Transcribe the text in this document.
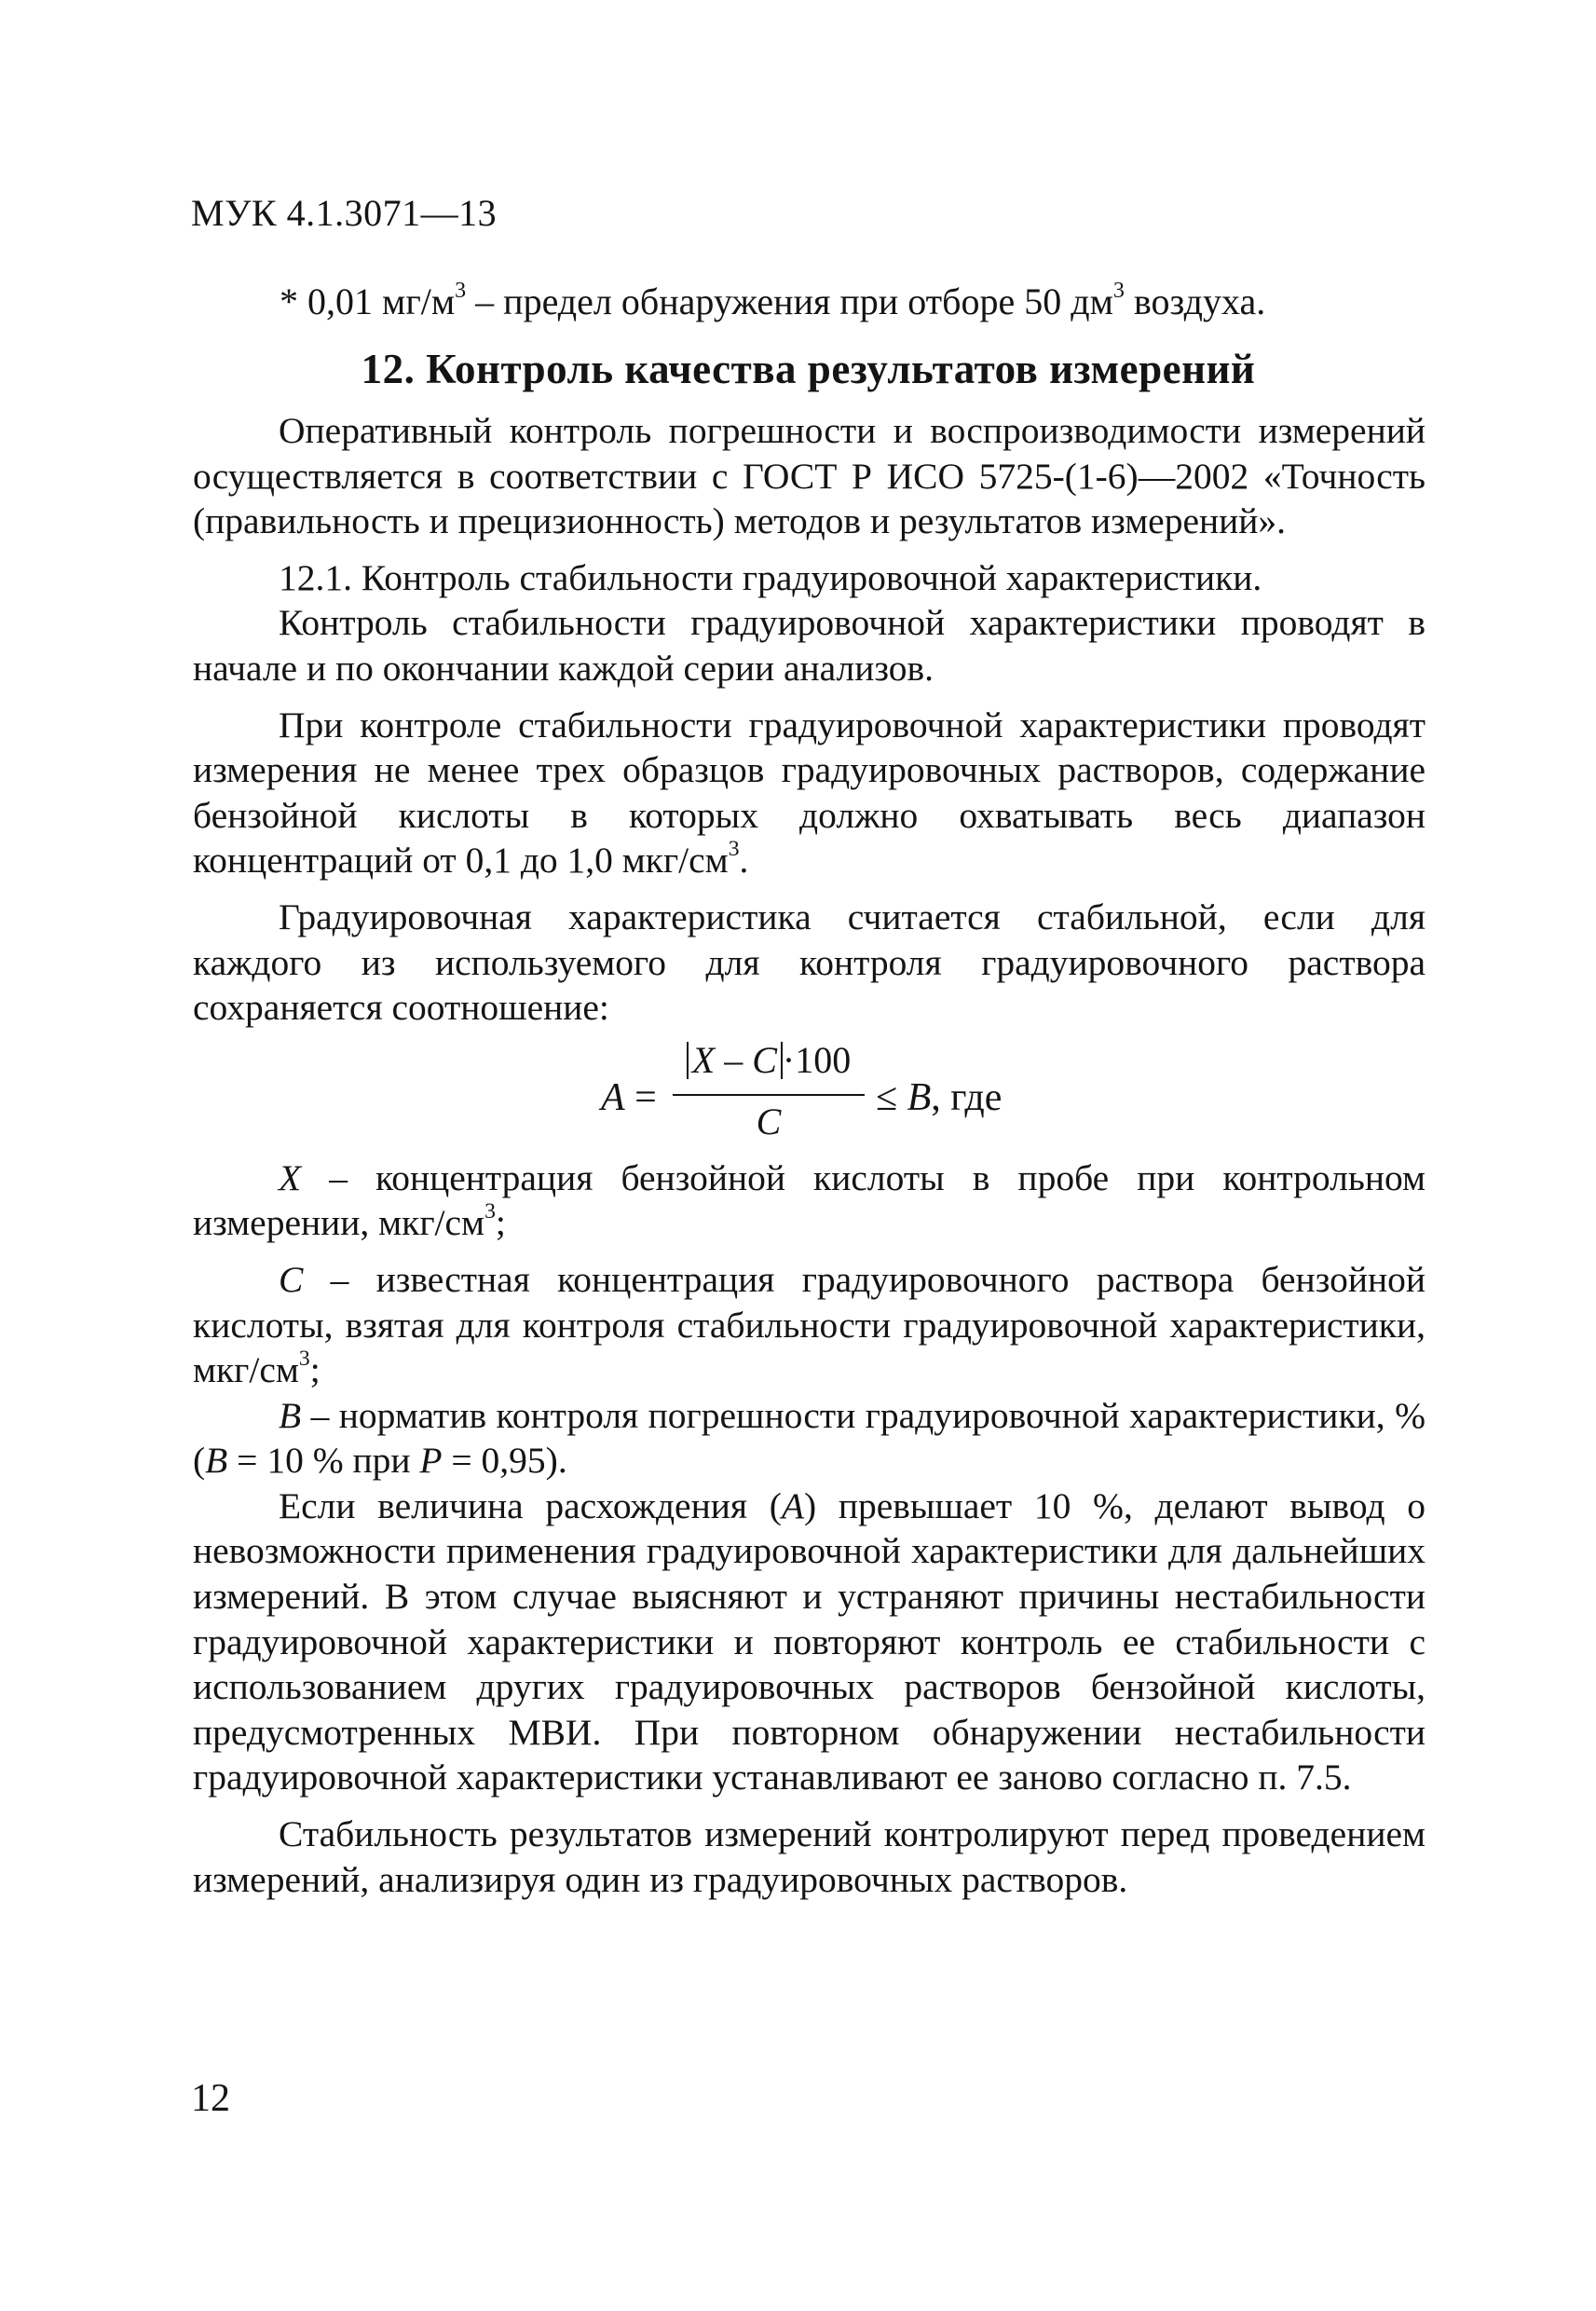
МУК 4.1.3071—13
* 0,01 $мг/м^3$ – предел обнаружения при отборе 50 $дм^3$ воздуха.
12. Контроль качества результатов измерений

Оперативный контроль погрешности и воспроизводимости измерений осуществляется в соответствии с ГОСТ Р ИСО 5725-(1-6)—2002 «Точность (правильность и прецизионность) методов и результатов измерений».

12.1. Контроль стабильности градуировочной характеристики.

Контроль стабильности градуировочной характеристики проводят в начале и по окончании каждой серии анализов.

При контроле стабильности градуировочной характеристики проводят измерения не менее трех образцов градуировочных растворов, содержание бензойной кислоты в которых должно охватывать весь диапазон концентраций от 0,1 до 1,0 мкг/$см^3$.

Градуировочная характеристика считается стабильной, если для каждого из используемого для контроля градуировочного раствора сохраняется соотношение:

A =
X – C ·100
C
≤ B, где

X – концентрация бензойной кислоты в пробе при контрольном измерении, мкг/$см^3$;

C – известная концентрация градуировочного раствора бензойной кислоты, взятая для контроля стабильности градуировочной характеристики, мкг/$см^3$;

B – норматив контроля погрешности градуировочной характеристики, % (B = 10 % при P = 0,95).

Если величина расхождения (A) превышает 10 %, делают вывод о невозможности применения градуировочной характеристики для дальнейших измерений. В этом случае выясняют и устраняют причины нестабильности градуировочной характеристики и повторяют контроль ее стабильности с использованием других градуировочных растворов бензойной кислоты, предусмотренных МВИ. При повторном обнаружении нестабильности градуировочной характеристики устанавливают ее заново согласно п. 7.5.

Стабильность результатов измерений контролируют перед проведением измерений, анализируя один из градуировочных растворов.

12
